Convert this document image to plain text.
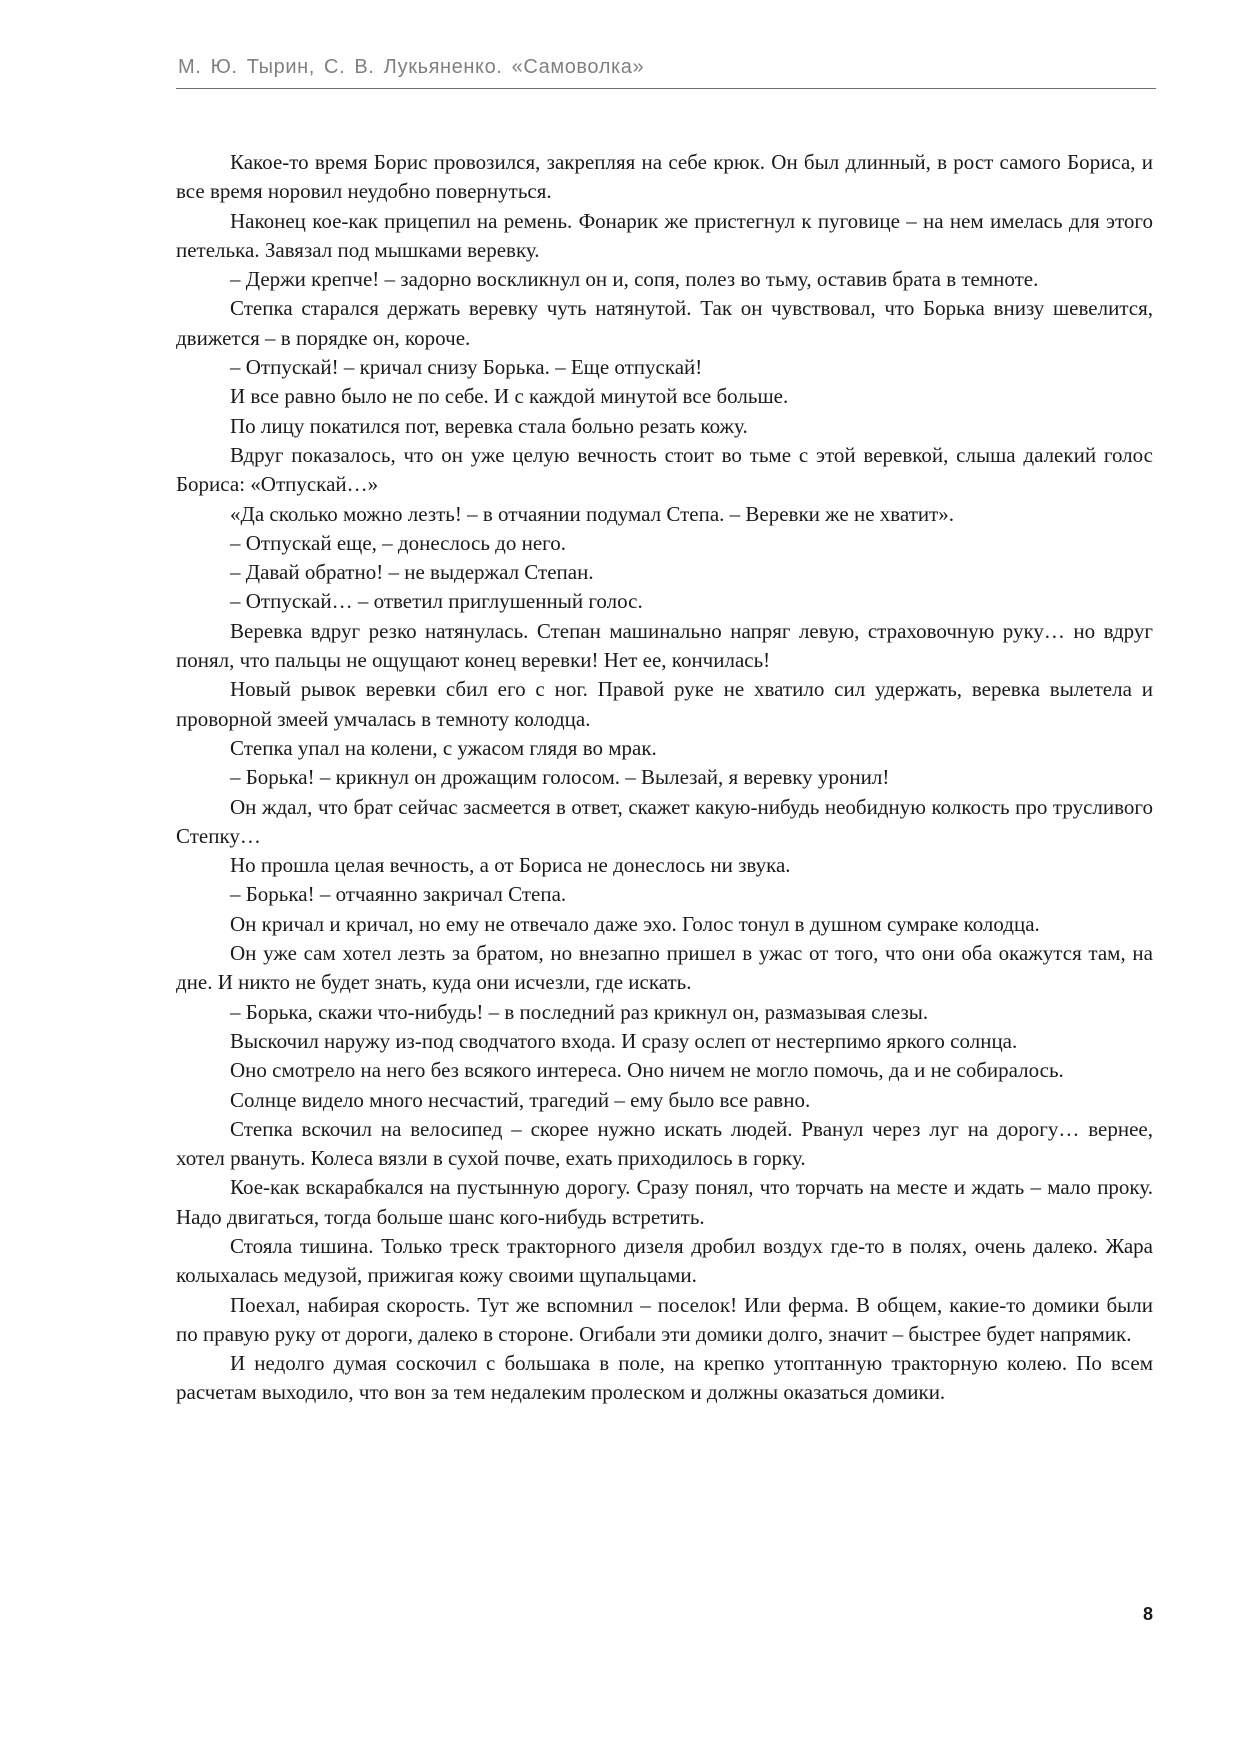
М. Ю. Тырин, С. В. Лукьяненко. «Самоволка»

Какое-то время Борис провозился, закрепляя на себе крюк. Он был длинный, в рост самого Бориса, и все время норовил неудобно повернуться.

Наконец кое-как прицепил на ремень. Фонарик же пристегнул к пуговице – на нем имелась для этого петелька. Завязал под мышками веревку.

– Держи крепче! – задорно воскликнул он и, сопя, полез во тьму, оставив брата в темноте.

Степка старался держать веревку чуть натянутой. Так он чувствовал, что Борька внизу шевелится, движется – в порядке он, короче.

– Отпускай! – кричал снизу Борька. – Еще отпускай!

И все равно было не по себе. И с каждой минутой все больше.

По лицу покатился пот, веревка стала больно резать кожу.

Вдруг показалось, что он уже целую вечность стоит во тьме с этой веревкой, слыша далекий голос Бориса: «Отпускай…»

«Да сколько можно лезть! – в отчаянии подумал Степа. – Веревки же не хватит».

– Отпускай еще, – донеслось до него.

– Давай обратно! – не выдержал Степан.

– Отпускай… – ответил приглушенный голос.

Веревка вдруг резко натянулась. Степан машинально напряг левую, страховочную руку… но вдруг понял, что пальцы не ощущают конец веревки! Нет ее, кончилась!

Новый рывок веревки сбил его с ног. Правой руке не хватило сил удержать, веревка вылетела и проворной змеей умчалась в темноту колодца.

Степка упал на колени, с ужасом глядя во мрак.

– Борька! – крикнул он дрожащим голосом. – Вылезай, я веревку уронил!

Он ждал, что брат сейчас засмеется в ответ, скажет какую-нибудь необидную колкость про трусливого Степку…

Но прошла целая вечность, а от Бориса не донеслось ни звука.

– Борька! – отчаянно закричал Степа.

Он кричал и кричал, но ему не отвечало даже эхо. Голос тонул в душном сумраке колодца.

Он уже сам хотел лезть за братом, но внезапно пришел в ужас от того, что они оба окажутся там, на дне. И никто не будет знать, куда они исчезли, где искать.

– Борька, скажи что-нибудь! – в последний раз крикнул он, размазывая слезы.

Выскочил наружу из-под сводчатого входа. И сразу ослеп от нестерпимо яркого солнца.

Оно смотрело на него без всякого интереса. Оно ничем не могло помочь, да и не собиралось.

Солнце видело много несчастий, трагедий – ему было все равно.

Степка вскочил на велосипед – скорее нужно искать людей. Рванул через луг на дорогу… вернее, хотел рвануть. Колеса вязли в сухой почве, ехать приходилось в горку.

Кое-как вскарабкался на пустынную дорогу. Сразу понял, что торчать на месте и ждать – мало проку. Надо двигаться, тогда больше шанс кого-нибудь встретить.

Стояла тишина. Только треск тракторного дизеля дробил воздух где-то в полях, очень далеко. Жара колыхалась медузой, прижигая кожу своими щупальцами.

Поехал, набирая скорость. Тут же вспомнил – поселок! Или ферма. В общем, какие-то домики были по правую руку от дороги, далеко в стороне. Огибали эти домики долго, значит – быстрее будет напрямик.

И недолго думая соскочил с большака в поле, на крепко утоптанную тракторную колею. По всем расчетам выходило, что вон за тем недалеким пролеском и должны оказаться домики.

8
